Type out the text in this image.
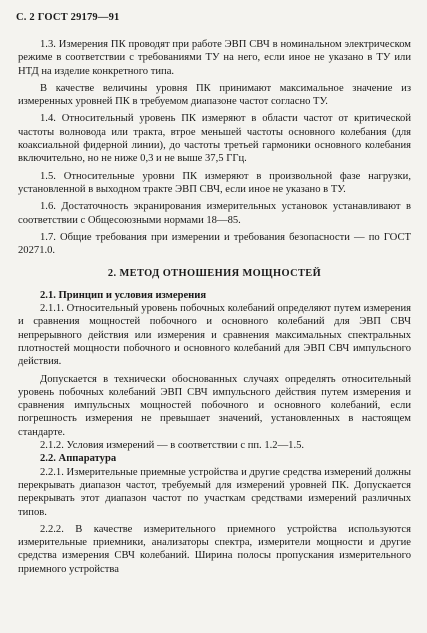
С. 2 ГОСТ 29179—91

1.3. Измерения ПК проводят при работе ЭВП СВЧ в номинальном электрическом режиме в соответствии с требованиями ТУ на него, если иное не указано в ТУ или НТД на изделие конкретного типа.

В качестве величины уровня ПК принимают максимальное значение из измеренных уровней ПК в требуемом диапазоне частот согласно ТУ.

1.4. Относительный уровень ПК измеряют в области частот от критической частоты волновода или тракта, втрое меньшей частоты основного колебания (для коаксиальной фидерной линии), до частоты третьей гармоники основного колебания включительно, но не ниже 0,3 и не выше 37,5 ГГц.

1.5. Относительные уровни ПК измеряют в произвольной фазе нагрузки, установленной в выходном тракте ЭВП СВЧ, если иное не указано в ТУ.

1.6. Достаточность экранирования измерительных установок устанавливают в соответствии с Общесоюзными нормами 18—85.

1.7. Общие требования при измерении и требования безопасности — по ГОСТ 20271.0.

2. МЕТОД ОТНОШЕНИЯ МОЩНОСТЕЙ

2.1. Принцип и условия измерения

2.1.1. Относительный уровень побочных колебаний определяют путем измерения и сравнения мощностей побочного и основного колебаний для ЭВП СВЧ непрерывного действия или измерения и сравнения максимальных спектральных плотностей мощности побочного и основного колебаний для ЭВП СВЧ импульсного действия.

Допускается в технически обоснованных случаях определять относительный уровень побочных колебаний ЭВП СВЧ импульсного действия путем измерения и сравнения импульсных мощностей побочного и основного колебаний, если погрешность измерения не превышает значений, установленных в настоящем стандарте.

2.1.2. Условия измерений — в соответствии с пп. 1.2—1.5.

2.2. Аппаратура

2.2.1. Измерительные приемные устройства и другие средства измерений должны перекрывать диапазон частот, требуемый для измерений уровней ПК. Допускается перекрывать этот диапазон частот по участкам средствами измерений различных типов.

2.2.2. В качестве измерительного приемного устройства используются измерительные приемники, анализаторы спектра, измерители мощности и другие средства измерения СВЧ колебаний. Ширина полосы пропускания измерительного приемного устройства
